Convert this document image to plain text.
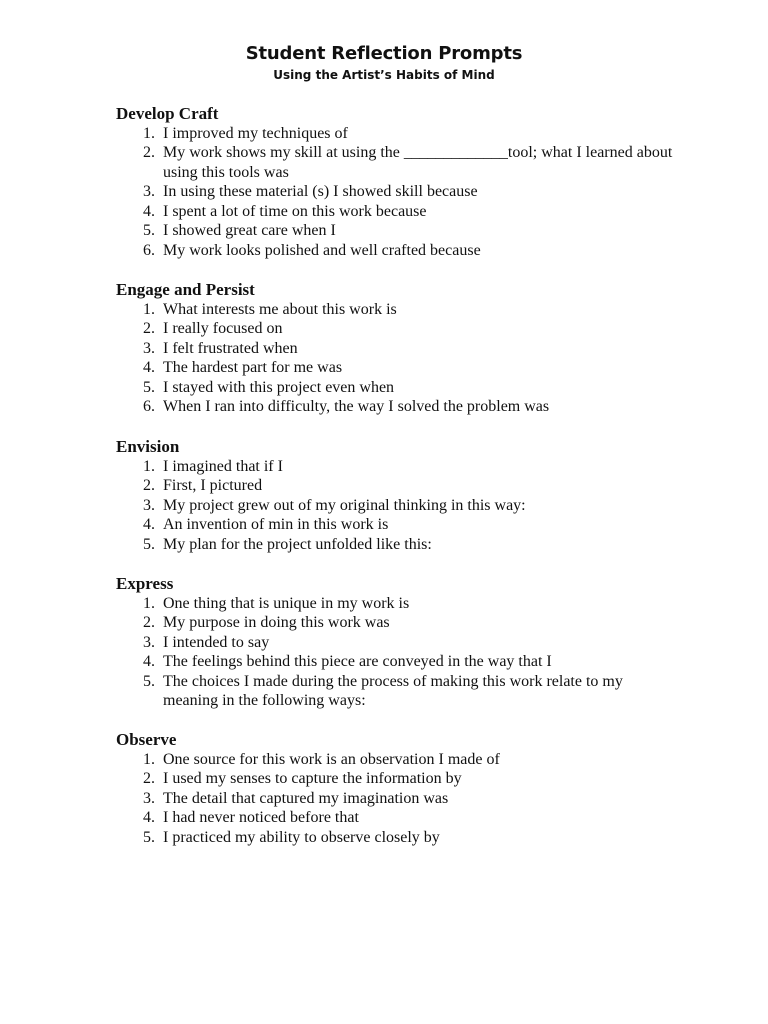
Student Reflection Prompts
Using the Artist’s Habits of Mind
Develop Craft
1. I improved my techniques of
2. My work shows my skill at using the _____________tool; what I learned about using this tools was
3. In using these material (s) I showed skill because
4. I spent a lot of time on this work because
5. I showed great care when I
6. My work looks polished and well crafted because
Engage and Persist
1. What interests me about this work is
2. I really focused on
3. I felt frustrated when
4. The hardest part for me was
5. I stayed with this project even when
6. When I ran into difficulty, the way I solved the problem was
Envision
1. I imagined that if I
2. First, I pictured
3. My project grew out of my original thinking in this way:
4. An invention of min in this work is
5. My plan for the project unfolded like this:
Express
1. One thing that is unique in my work is
2. My purpose in doing this work was
3. I intended to say
4. The feelings behind this piece are conveyed in the way that I
5. The choices I made during the process of making this work relate to my meaning in the following ways:
Observe
1. One source for this work is an observation I made of
2. I used my senses to capture the information by
3. The detail that captured my imagination was
4. I had never noticed before that
5. I practiced my ability to observe closely by
